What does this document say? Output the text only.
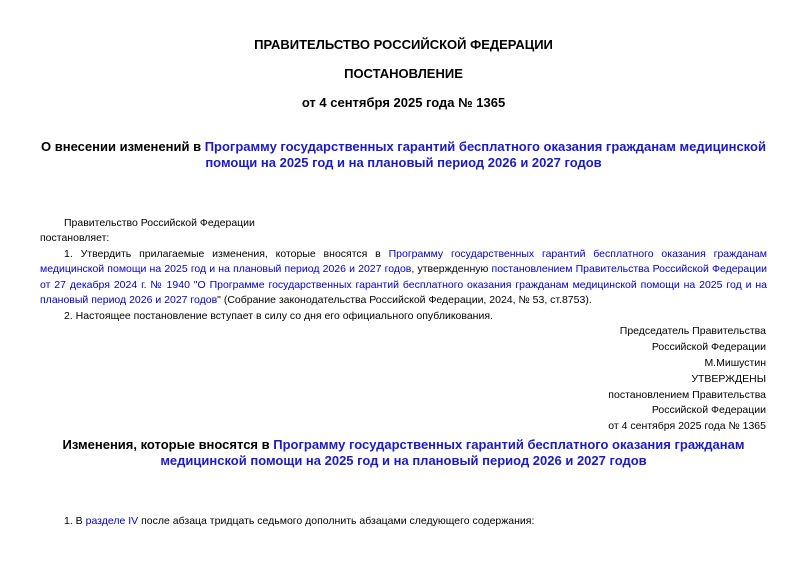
ПРАВИТЕЛЬСТВО РОССИЙСКОЙ ФЕДЕРАЦИИ

ПОСТАНОВЛЕНИЕ

от 4 сентября 2025 года № 1365

О внесении изменений в Программу государственных гарантий бесплатного оказания гражданам медицинской помощи на 2025 год и на плановый период 2026 и 2027 годов

Правительство Российской Федерации

постановляет:

1. Утвердить прилагаемые изменения, которые вносятся в Программу государственных гарантий бесплатного оказания гражданам медицинской помощи на 2025 год и на плановый период 2026 и 2027 годов, утвержденную постановлением Правительства Российской Федерации от 27 декабря 2024 г. № 1940 "О Программе государственных гарантий бесплатного оказания гражданам медицинской помощи на 2025 год и на плановый период 2026 и 2027 годов" (Собрание законодательства Российской Федерации, 2024, № 53, ст.8753).

2. Настоящее постановление вступает в силу со дня его официального опубликования.

Председатель Правительства

Российской Федерации

М.Мишустин

УТВЕРЖДЕНЫ

постановлением Правительства

Российской Федерации

от 4 сентября 2025 года № 1365

Изменения, которые вносятся в Программу государственных гарантий бесплатного оказания гражданам медицинской помощи на 2025 год и на плановый период 2026 и 2027 годов

1. В разделе IV после абзаца тридцать седьмого дополнить абзацами следующего содержания:
